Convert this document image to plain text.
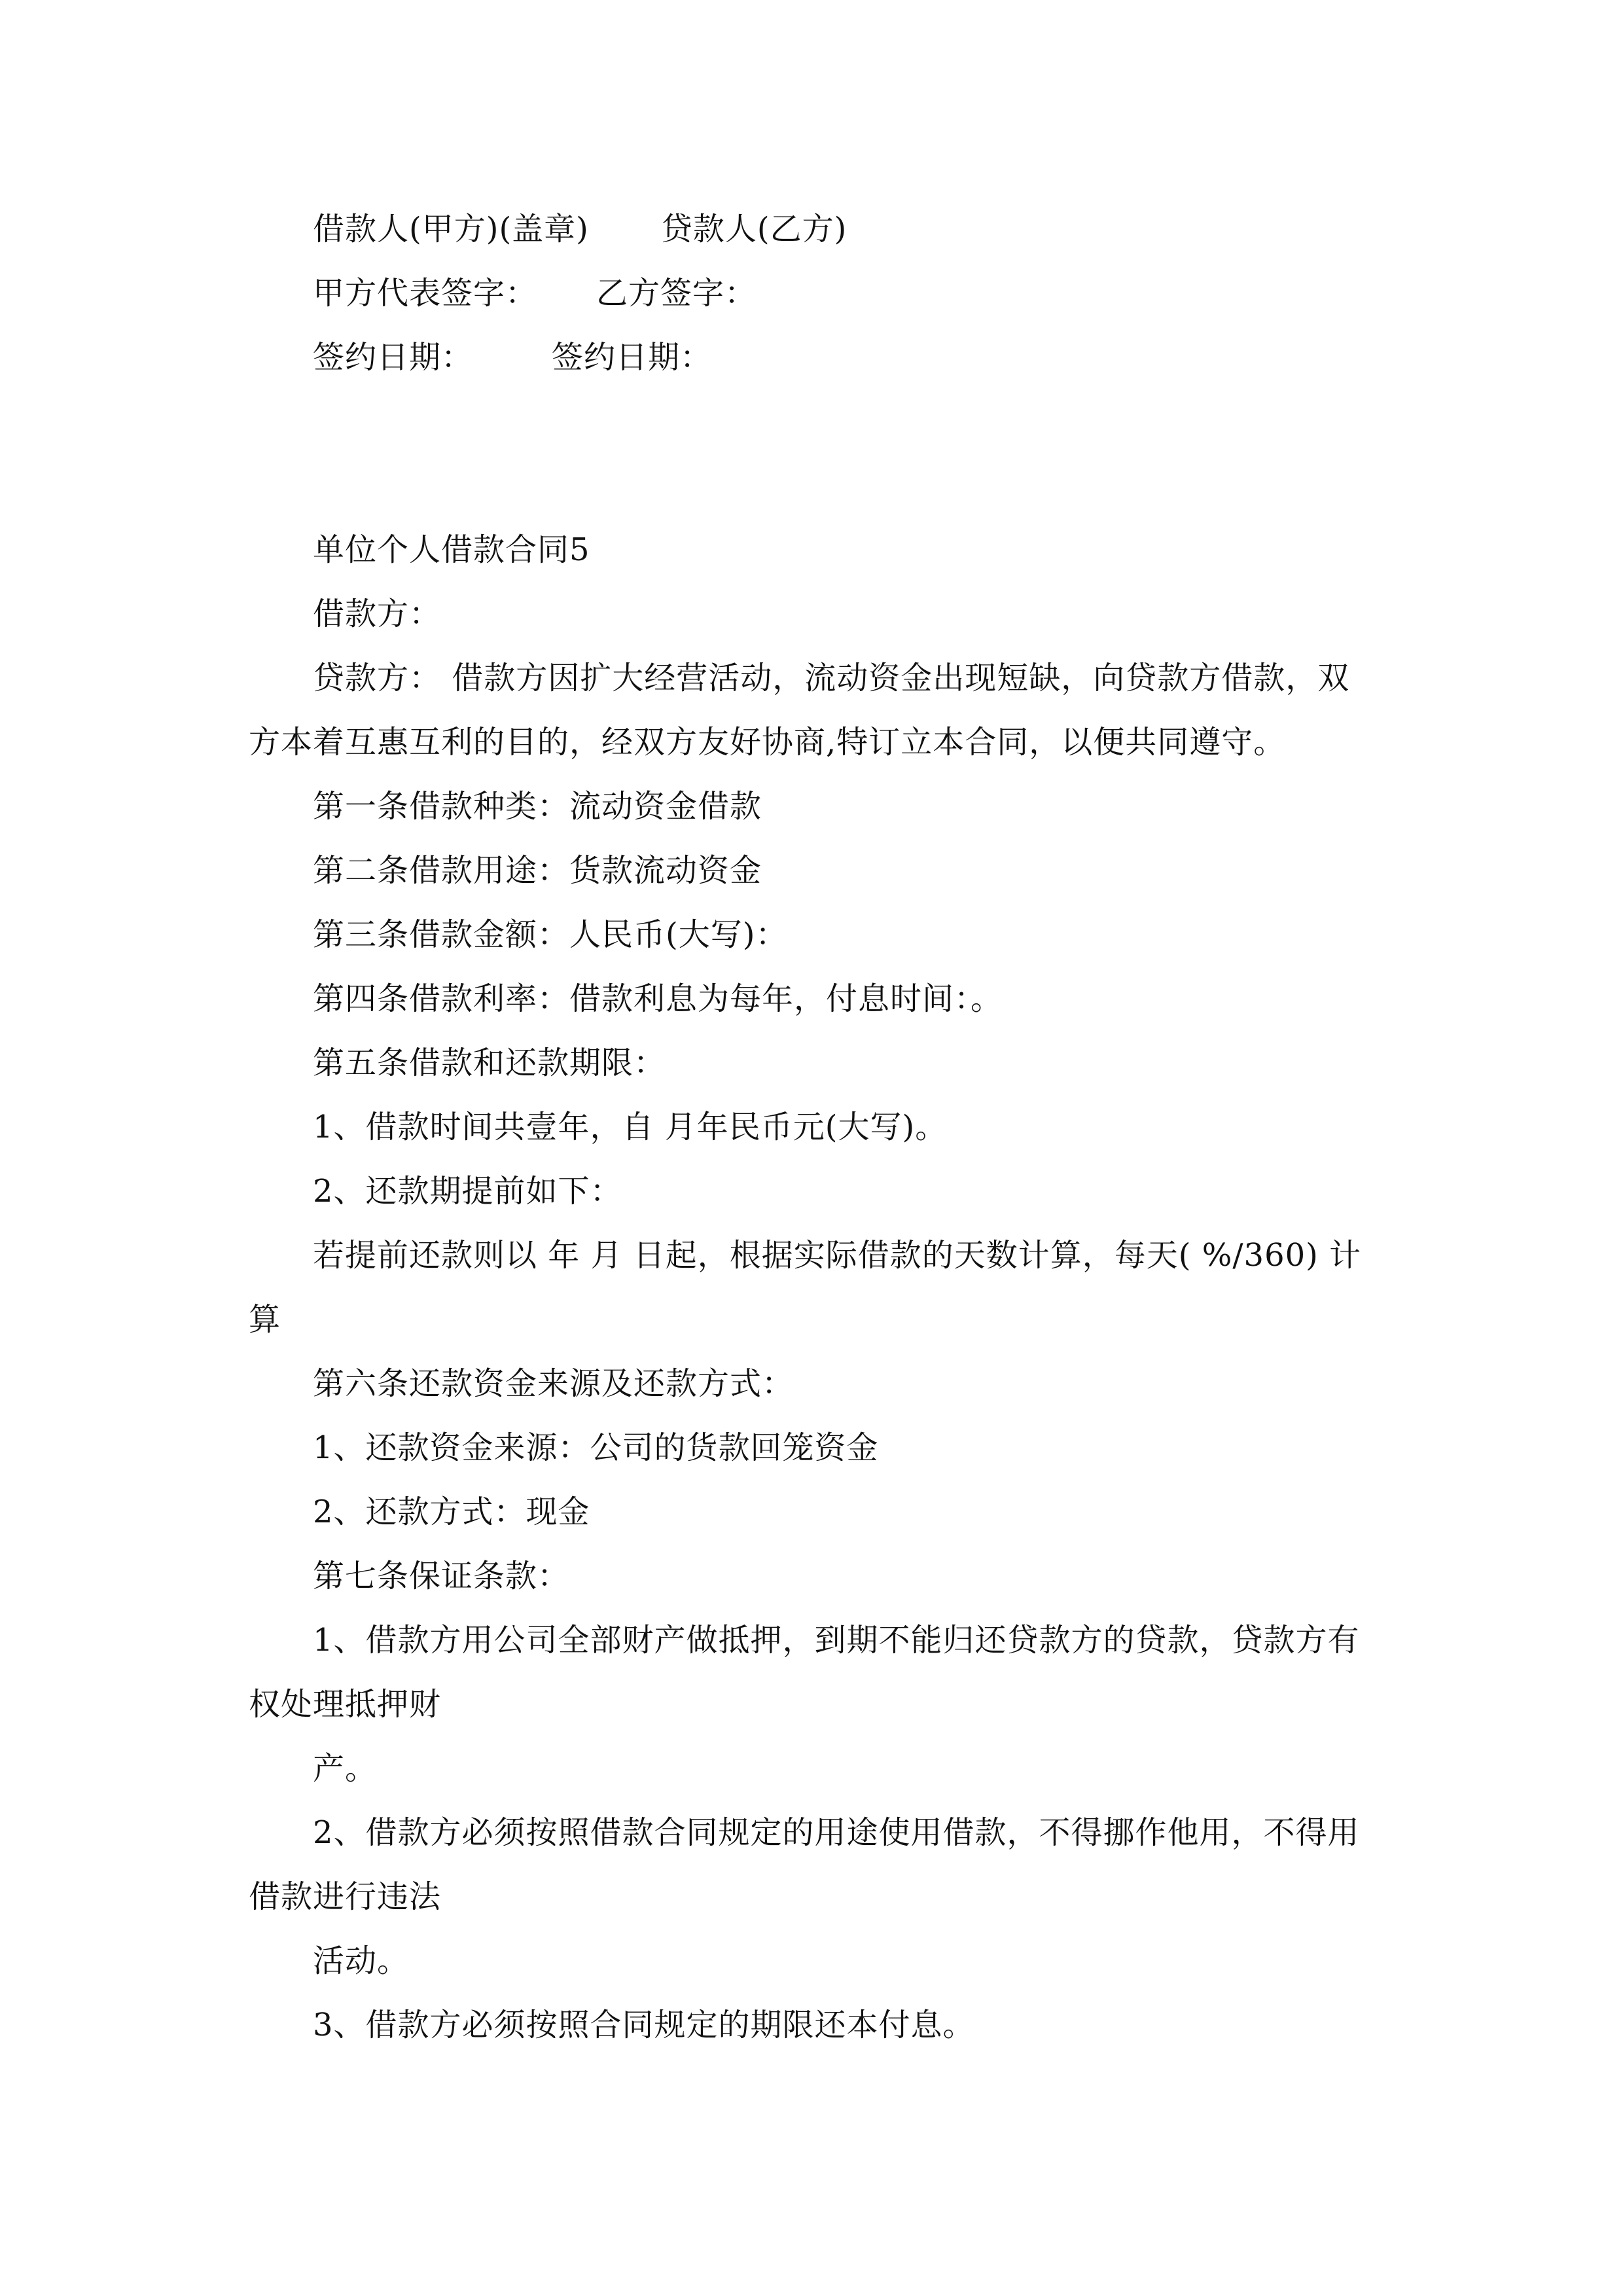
借款人(甲方)(盖章) 贷款人(乙方)
甲方代表签字： 乙方签字：
签约日期：	签约日期：
单位个人借款合同5
借款方：
贷款方： 借款方因扩大经营活动，流动资金出现短缺，向贷款方借款，双
方本着互惠互利的目的，经双方友好协商,特订立本合同，以便共同遵守。
第一条借款种类：流动资金借款
第二条借款用途：货款流动资金
第三条借款金额：人民币(大写)：
第四条借款利率：借款利息为每年，付息时间：。
第五条借款和还款期限：
1、借款时间共壹年，自 月年民币元(大写)。
2、还款期提前如下：
若提前还款则以 年 月 日起，根据实际借款的天数计算，每天( %/360) 计
算
第六条还款资金来源及还款方式：
1、还款资金来源：公司的货款回笼资金
2、还款方式：现金
第七条保证条款：
1、借款方用公司全部财产做抵押，到期不能归还贷款方的贷款，贷款方有
权处理抵押财
产。
2、借款方必须按照借款合同规定的用途使用借款，不得挪作他用，不得用
借款进行违法
活动。
3、借款方必须按照合同规定的期限还本付息。
